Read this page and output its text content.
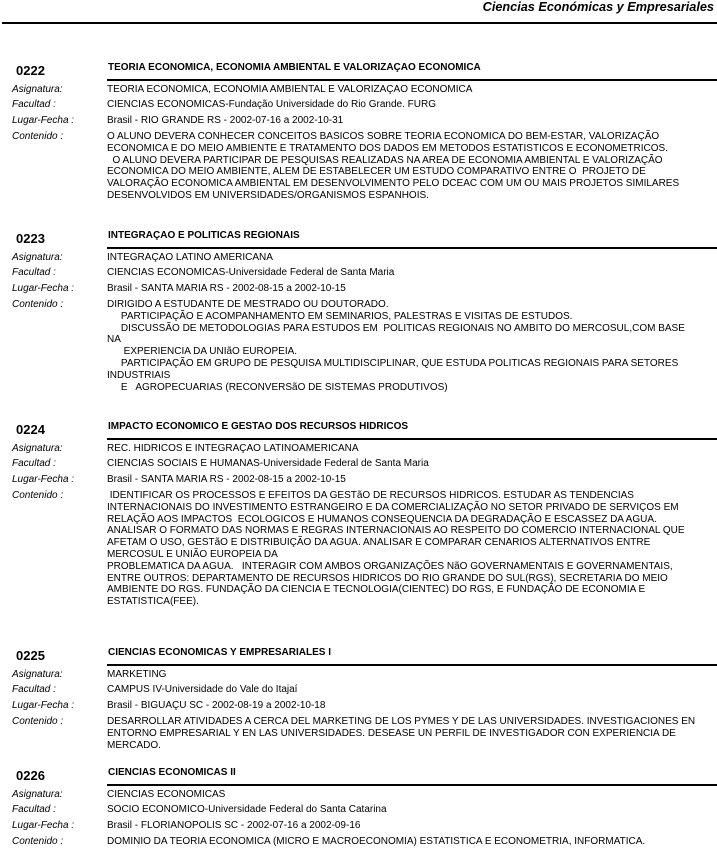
Ciencias Económicas y Empresariales
0222	TEORIA ECONOMICA, ECONOMIA AMBIENTAL E VALORIZAÇAO ECONOMICA
Asignatura:	TEORIA ECONOMICA, ECONOMIA AMBIENTAL E VALORIZAÇAO ECONOMICA
Facultad :	CIENCIAS ECONOMICAS-Fundação Universidade do Rio Grande. FURG
Lugar-Fecha :	Brasil - RIO GRANDE RS - 2002-07-16 a 2002-10-31
Contenido :	O ALUNO DEVERA CONHECER CONCEITOS BASICOS SOBRE TEORIA ECONOMICA DO BEM-ESTAR, VALORIZAÇÃO
ECONOMICA E DO MEIO AMBIENTE E TRATAMENTO DOS DADOS EM METODOS ESTATISTICOS E ECONOMETRICOS.
O ALUNO DEVERA PARTICIPAR DE PESQUISAS REALIZADAS NA AREA DE ECONOMIA AMBIENTAL E VALORIZAÇÃO
ECONOMICA DO MEIO AMBIENTE, ALEM DE ESTABELECER UM ESTUDO COMPARATIVO ENTRE O  PROJETO DE
VALORAÇÃO ECONOMICA AMBIENTAL EM DESENVOLVIMENTO PELO DCEAC COM UM OU MAIS PROJETOS SIMILARES
DESENVOLVIDOS EM UNIVERSIDADES/ORGANISMOS ESPANHOIS.
0223	INTEGRAÇAO E POLITICAS REGIONAIS
Asignatura:	INTEGRAÇAO LATINO AMERICANA
Facultad :	CIENCIAS ECONOMICAS-Universidade Federal de Santa Maria
Lugar-Fecha :	Brasil - SANTA MARIA RS - 2002-08-15 a 2002-10-15
Contenido :	DIRIGIDO A ESTUDANTE DE MESTRADO OU DOUTORADO.
PARTICIPAÇÃO E ACOMPANHAMENTO EM SEMINARIOS, PALESTRAS E VISITAS DE ESTUDOS.
DISCUSSÃO DE METODOLOGIAS PARA ESTUDOS EM  POLITICAS REGIONAIS NO AMBITO DO MERCOSUL,COM BASE
NA
EXPERIENCIA DA UNIãO EUROPEIA.
PARTICIPAÇÃO EM GRUPO DE PESQUISA MULTIDISCIPLINAR, QUE ESTUDA POLITICAS REGIONAIS PARA SETORES
INDUSTRIAIS
E   AGROPECUARIAS (RECONVERSãO DE SISTEMAS PRODUTIVOS)
0224	IMPACTO ECONOMICO E GESTAO DOS RECURSOS HIDRICOS
Asignatura:	REC. HIDRICOS E INTEGRAÇAO LATINOAMERICANA
Facultad :	CIENCIAS SOCIAIS E HUMANAS-Universidade Federal de Santa Maria
Lugar-Fecha :	Brasil - SANTA MARIA RS - 2002-08-15 a 2002-10-15
Contenido :	IDENTIFICAR OS PROCESSOS E EFEITOS DA GESTãO DE RECURSOS HIDRICOS. ESTUDAR AS TENDENCIAS
INTERNACIONAIS DO INVESTIMENTO ESTRANGEIRO E DA COMERCIALIZAÇÃO NO SETOR PRIVADO DE SERVIÇOS EM
RELAÇÃO AOS IMPACTOS  ECOLOGICOS E HUMANOS CONSEQUENCIA DA DEGRADAÇÃO E ESCASSEZ DA AGUA.
ANALISAR O FORMATO DAS NORMAS E REGRAS INTERNACIONAIS AO RESPEITO DO COMERCIO INTERNACIONAL QUE
AFETAM O USO, GESTãO E DISTRIBUIÇÃO DA AGUA. ANALISAR E COMPARAR CENARIOS ALTERNATIVOS ENTRE
MERCOSUL E UNIÃO EUROPEIA DA
PROBLEMATICA DA AGUA.   INTERAGIR COM AMBOS ORGANIZAÇÕES NãO GOVERNAMENTAIS E GOVERNAMENTAIS,
ENTRE OUTROS: DEPARTAMENTO DE RECURSOS HIDRICOS DO RIO GRANDE DO SUL(RGS), SECRETARIA DO MEIO
AMBIENTE DO RGS. FUNDAÇÃO DA CIENCIA E TECNOLOGIA(CIENTEC) DO RGS, E FUNDAÇÃO DE ECONOMIA E
ESTATISTICA(FEE).
0225	CIENCIAS ECONOMICAS Y EMPRESARIALES I
Asignatura:	MARKETING
Facultad :	CAMPUS IV-Universidade do Vale do Itajaí
Lugar-Fecha :	Brasil - BIGUAÇU SC - 2002-08-19 a 2002-10-18
Contenido :	DESARROLLAR ATIVIDADES A CERCA DEL MARKETING DE LOS PYMES Y DE LAS UNIVERSIDADES. INVESTIGACIONES EN
ENTORNO EMPRESARIAL Y EN LAS UNIVERSIDADES. DESEASE UN PERFIL DE INVESTIGADOR CON EXPERIENCIA DE
MERCADO.
0226	CIENCIAS ECONOMICAS II
Asignatura:	CIENCIAS ECONOMICAS
Facultad :	SOCIO ECONOMICO-Universidade Federal do Santa Catarina
Lugar-Fecha :	Brasil - FLORIANOPOLIS SC - 2002-07-16 a 2002-09-16
Contenido :	DOMINIO DA TEORIA ECONOMICA (MICRO E MACROECONOMIA) ESTATISTICA E ECONOMETRIA, INFORMATICA.
